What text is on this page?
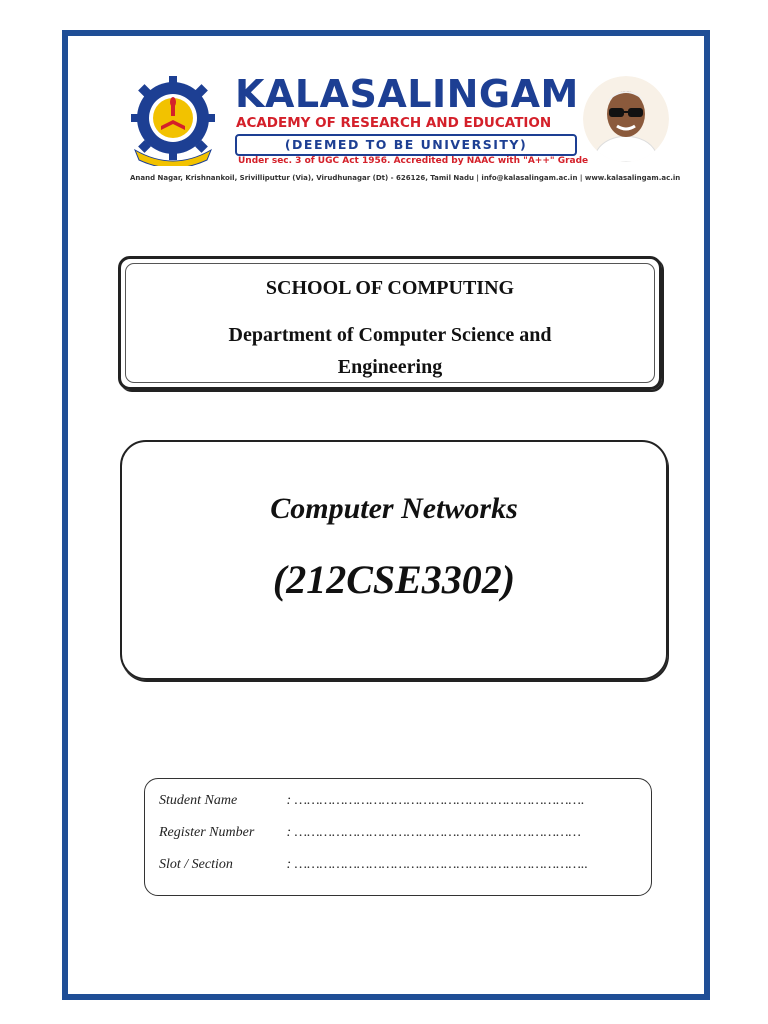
KALASALINGAM
ACADEMY OF RESEARCH AND EDUCATION
(DEEMED TO BE UNIVERSITY)
Under sec. 3 of UGC Act 1956. Accredited by NAAC with "A++" Grade
Anand Nagar, Krishnankoil, Srivilliputtur (Via), Virudhunagar (Dt) - 626126, Tamil Nadu | info@kalasalingam.ac.in | www.kalasalingam.ac.in
SCHOOL OF COMPUTING
Department of Computer Science and Engineering
Computer Networks
(212CSE3302)
Student Name	: …………………………………………………………….
Register Number : ……………………………………………………………
Slot / Section	: ……………………………………………………………..
